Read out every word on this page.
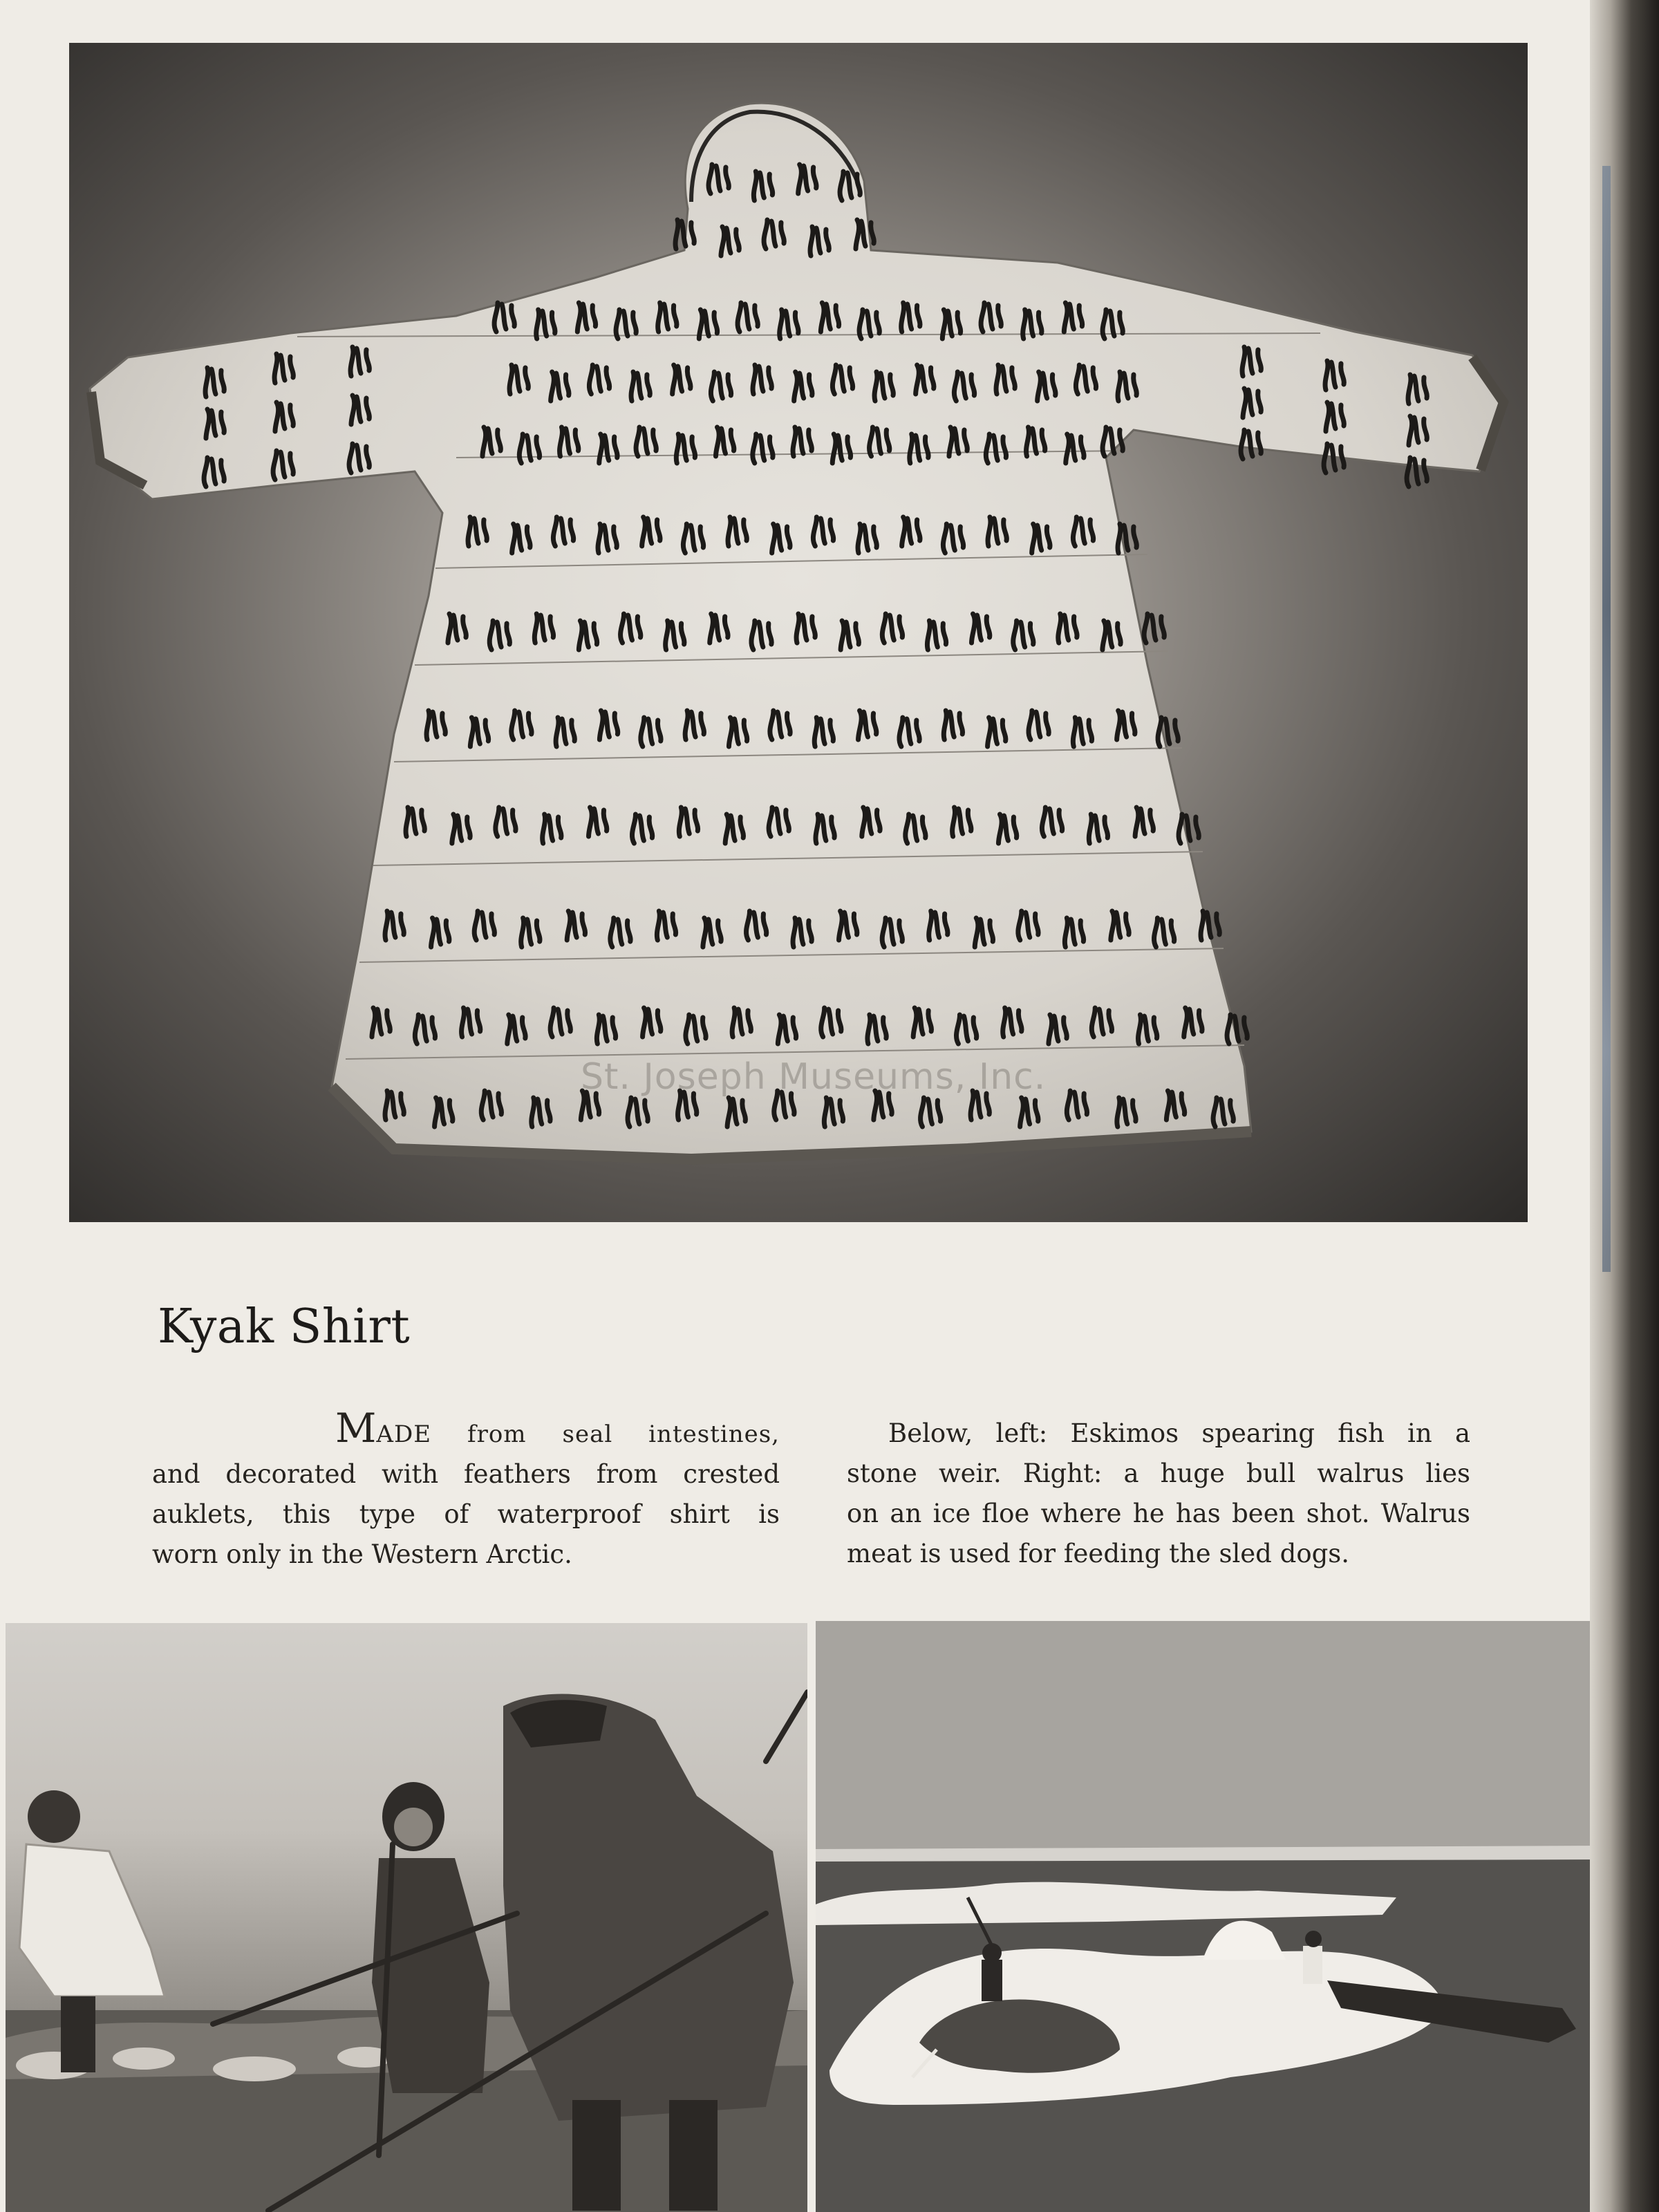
St. Joseph Museums, Inc.
Kyak Shirt
MADE from seal intestines,
and decorated with feathers from crested
auklets, this type of waterproof shirt is
worn only in the Western Arctic.
Below, left: Eskimos spearing fish in a
stone weir. Right: a huge bull walrus lies
on an ice floe where he has been shot. Walrus
meat is used for feeding the sled dogs.
